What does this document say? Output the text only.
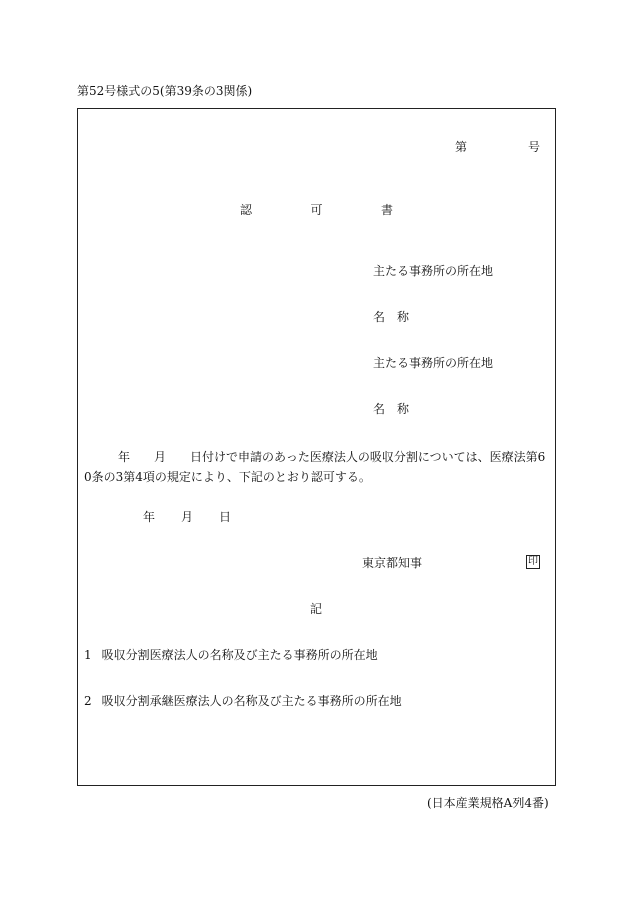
第52号様式の5(第39条の3関係)
第	号
認	可	書
主たる事務所の所在地
名　称
主たる事務所の所在地
名　称
年　　月　　日付けで申請のあった医療法人の吸収分割については、医療法第60条の3第4項の規定により、下記のとおり認可する。
年 月 日
東京都知事	印
記
1 吸収分割医療法人の名称及び主たる事務所の所在地
2 吸収分割承継医療法人の名称及び主たる事務所の所在地
(日本産業規格A列4番)
